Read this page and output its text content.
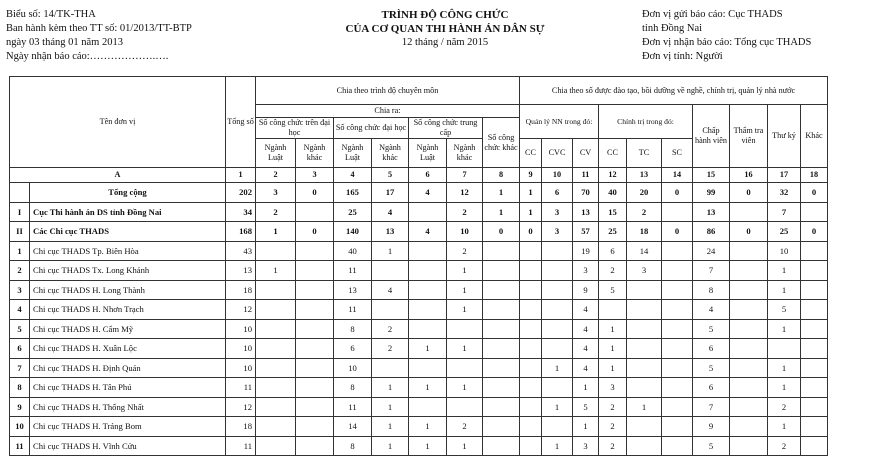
Biểu số: 14/TK-THA
Ban hành kèm theo TT số: 01/2013/TT-BTP
ngày 03 tháng 01 năm 2013
Ngày nhận báo cáo:……………….….
TRÌNH ĐỘ CÔNG CHỨC
CỦA CƠ QUAN THI HÀNH ÁN DÂN SỰ
12 tháng / năm 2015
Đơn vị gửi báo cáo: Cục THADS
tỉnh Đồng Nai
Đơn vị nhận báo cáo: Tổng cục THADS
Đơn vị tính: Người
Tên đơn vị		Tổng số	Chia theo trình độ chuyên môn							Chia theo số được đào tạo, bồi dưỡng về nghề, chính trị, quản lý nhà nước									
			Chia ra:							Quản lý NN trong đó:			Chính trị trong đó:			Chấp hành viên	Thẩm tra viên	Thư ký	Khác
			Số công chức trên đại học		Số công chức đại học		Số công chức trung cấp		Số công chức khác										
			Ngành Luật	Ngành khác	Ngành Luật	Ngành khác	Ngành Luật	Ngành khác		CC	CVC	CV	CC	TC	SC				
A		1	2	3	4	5	6	7	8	9	10	11	12	13	14	15	16	17	18
	Tổng cộng	202	3	0	165	17	4	12	1	1	6	70	40	20	0	99	0	32	0
I	Cục Thi hành án DS tỉnh Đồng Nai	34	2		25	4		2	1	1	3	13	15	2		13		7	
II	Các Chi cục THADS	168	1	0	140	13	4	10	0	0	3	57	25	18	0	86	0	25	0
1	Chi cục THADS Tp. Biên Hòa	43			40	1		2				19	6	14		24		10	
2	Chi cục THADS Tx. Long Khánh	13	1		11			1				3	2	3		7		1	
3	Chi cục THADS H. Long Thành	18			13	4		1				9	5			8		1	
4	Chi cục THADS H. Nhơn Trạch	12			11			1				4				4		5	
5	Chi cục THADS H. Cẩm Mỹ	10			8	2						4	1			5		1	
6	Chi cục THADS H. Xuân Lộc	10			6	2	1	1				4	1			6			
7	Chi cục THADS H. Định Quán	10			10						1	4	1			5		1	
8	Chi cục THADS H. Tân Phú	11			8	1	1	1				1	3			6		1	
9	Chi cục THADS H. Thống Nhất	12			11	1					1	5	2	1		7		2	
10	Chi cục THADS H. Trảng Bom	18			14	1	1	2				1	2			9		1	
11	Chi cục THADS H. Vĩnh Cửu	11			8	1	1	1			1	3	2			5		2	
